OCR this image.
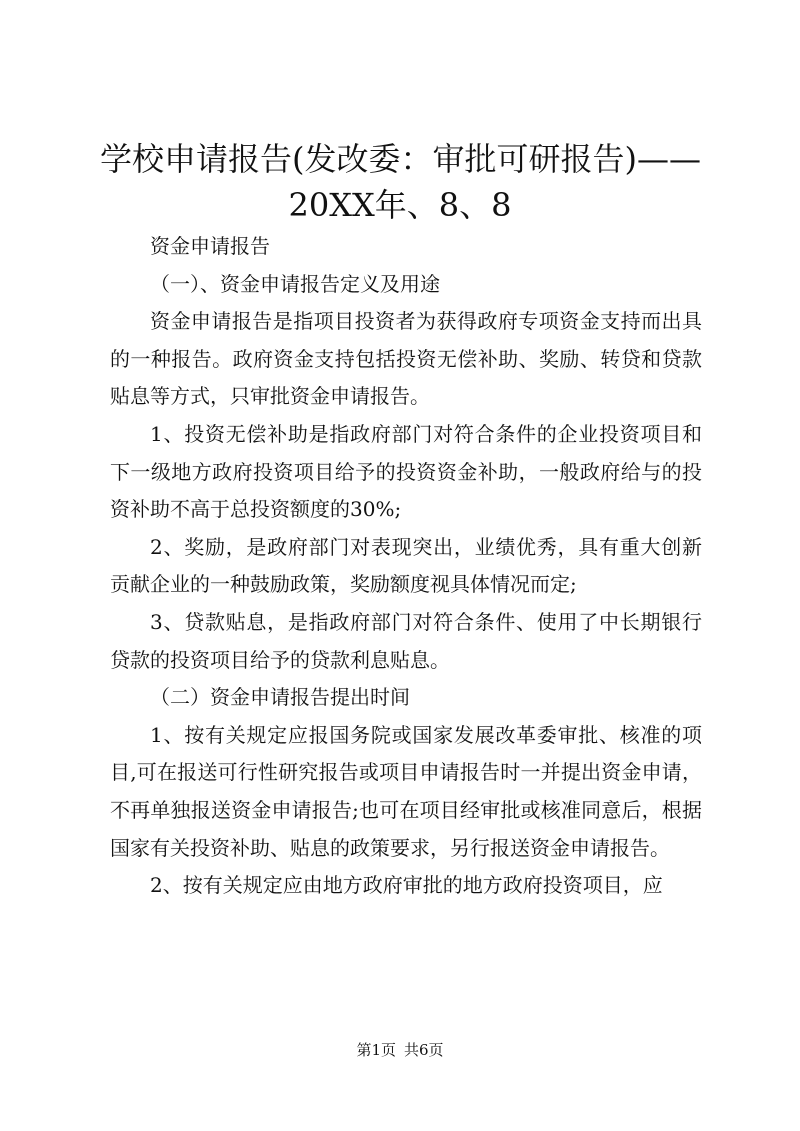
学校申请报告(发改委：审批可研报告)——
20XX年、8、8

资金申请报告

（一）、资金申请报告定义及用途

资金申请报告是指项目投资者为获得政府专项资金支持而出具的一种报告。政府资金支持包括投资无偿补助、奖励、转贷和贷款贴息等方式，只审批资金申请报告。

1、投资无偿补助是指政府部门对符合条件的企业投资项目和下一级地方政府投资项目给予的投资资金补助，一般政府给与的投资补助不高于总投资额度的30%;

2、奖励，是政府部门对表现突出，业绩优秀，具有重大创新贡献企业的一种鼓励政策，奖励额度视具体情况而定;

3、贷款贴息，是指政府部门对符合条件、使用了中长期银行贷款的投资项目给予的贷款利息贴息。

（二）资金申请报告提出时间

1、按有关规定应报国务院或国家发展改革委审批、核准的项目,可在报送可行性研究报告或项目申请报告时一并提出资金申请，不再单独报送资金申请报告;也可在项目经审批或核准同意后，根据国家有关投资补助、贴息的政策要求，另行报送资金申请报告。

2、按有关规定应由地方政府审批的地方政府投资项目，应

第1页 共6页
